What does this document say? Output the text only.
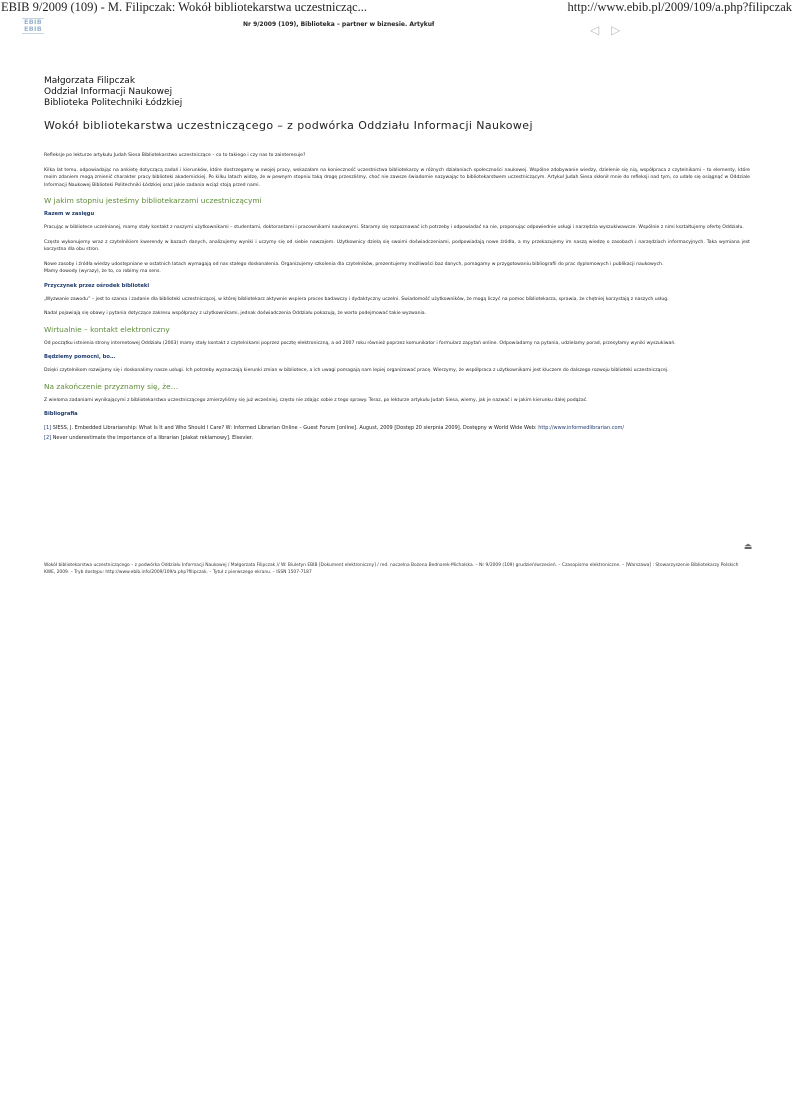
EBIB 9/2009 (109) - M. Filipczak: Wokół bibliotekarstwa uczestnicząc...	http://www.ebib.pl/2009/109/a.php?filipczak
EBIB
EBIB
Nr 9/2009 (109), Biblioteka – partner w biznesie. Artykuł	◁ ▷
Małgorzata Filipczak
Oddział Informacji Naukowej
Biblioteka Politechniki Łódzkiej
Wokół bibliotekarstwa uczestniczącego – z podwórka Oddziału Informacji Naukowej

Refleksje po lekturze artykułu Judah Siesa Bibliotekarstwo uczestniczące – co to takiego i czy nas to zainteresuje?

Kilka lat temu, odpowiadając na ankietę dotyczącą zadań i kierunków, które dostrzegamy w swojej pracy, wskazałam na konieczność uczestnictwa bibliotekarzy w różnych działaniach społeczności naukowej. Wspólne zdobywanie wiedzy, dzielenie się nią, współpraca z czytelnikami – to elementy, które moim zdaniem mogą zmienić charakter pracy biblioteki akademickiej. Po kilku latach widzę, że w pewnym stopniu taką drogę przeszliśmy, choć nie zawsze świadomie nazywając to bibliotekarstwem uczestniczącym. Artykuł Judah Siesa skłonił mnie do refleksji nad tym, co udało się osiągnąć w Oddziale Informacji Naukowej Biblioteki Politechniki Łódzkiej oraz jakie zadania wciąż stoją przed nami.

W jakim stopniu jesteśmy bibliotekarzami uczestniczącymi
Razem w zasięgu

Pracując w bibliotece uczelnianej, mamy stały kontakt z naszymi użytkownikami – studentami, doktorantami i pracownikami naukowymi. Staramy się rozpoznawać ich potrzeby i odpowiadać na nie, proponując odpowiednie usługi i narzędzia wyszukiwawcze. Wspólnie z nimi kształtujemy ofertę Oddziału.

Często wykonujemy wraz z czytelnikiem kwerendy w bazach danych, analizujemy wyniki i uczymy się od siebie nawzajem. Użytkownicy dzielą się swoimi doświadczeniami, podpowiadają nowe źródła, a my przekazujemy im naszą wiedzę o zasobach i narzędziach informacyjnych. Taka wymiana jest korzystna dla obu stron.

Nowe zasoby i źródła wiedzy udostępniane w ostatnich latach wymagają od nas stałego doskonalenia. Organizujemy szkolenia dla czytelników, prezentujemy możliwości baz danych, pomagamy w przygotowaniu bibliografii do prac dyplomowych i publikacji naukowych.

Mamy dowody (wyrazy), że to, co robimy ma sens.

Przyczynek przez ośrodek biblioteki

„Wyzwanie zawodu” – jest to szansa i zadanie dla biblioteki uczestniczącej, w której bibliotekarz aktywnie wspiera proces badawczy i dydaktyczny uczelni. Świadomość użytkowników, że mogą liczyć na pomoc bibliotekarza, sprawia, że chętniej korzystają z naszych usług.

Nadal pojawiają się obawy i pytania dotyczące zakresu współpracy z użytkownikami, jednak doświadczenia Oddziału pokazują, że warto podejmować takie wyzwania.

Wirtualnie – kontakt elektroniczny

Od początku istnienia strony internetowej Oddziału (2003) mamy stały kontakt z czytelnikami poprzez pocztę elektroniczną, a od 2007 roku również poprzez komunikator i formularz zapytań online. Odpowiadamy na pytania, udzielamy porad, przesyłamy wyniki wyszukiwań.

Będziemy pomocni, bo…

Dzięki czytelnikom rozwijamy się i doskonalimy nasze usługi. Ich potrzeby wyznaczają kierunki zmian w bibliotece, a ich uwagi pomagają nam lepiej organizować pracę. Wierzymy, że współpraca z użytkownikami jest kluczem do dalszego rozwoju biblioteki uczestniczącej.

Na zakończenie przyznamy się, że…

Z wieloma zadaniami wynikającymi z bibliotekarstwa uczestniczącego zmierzyliśmy się już wcześniej, często nie zdając sobie z tego sprawy. Teraz, po lekturze artykułu Judah Siesa, wiemy, jak je nazwać i w jakim kierunku dalej podążać.

Bibliografia
[1] SIESS, J. Embedded Librarianship: What Is It and Who Should I Care? W: Informed Librarian Online – Guest Forum [online]. August, 2009 [Dostęp 20 sierpnia 2009]. Dostępny w World Wide Web: http://www.informedlibrarian.com/
[2] Never underestimate the importance of a librarian [plakat reklamowy]. Elsevier.
⏏
Wokół bibliotekarstwa uczestniczącego – z podwórka Oddziału Informacji Naukowej / Małgorzata Filipczak // W: Biuletyn EBIB [Dokument elektroniczny] / red. naczelna Bożena Bednarek-Michalska. – Nr 9/2009 (109) grudzień/wrzesień. – Czasopismo elektroniczne. – [Warszawa] : Stowarzyszenie Bibliotekarzy Polskich KWE, 2009. – Tryb dostępu: http://www.ebib.info/2009/109/a.php?filipczak. – Tytuł z pierwszego ekranu. – ISSN 1507-7187
